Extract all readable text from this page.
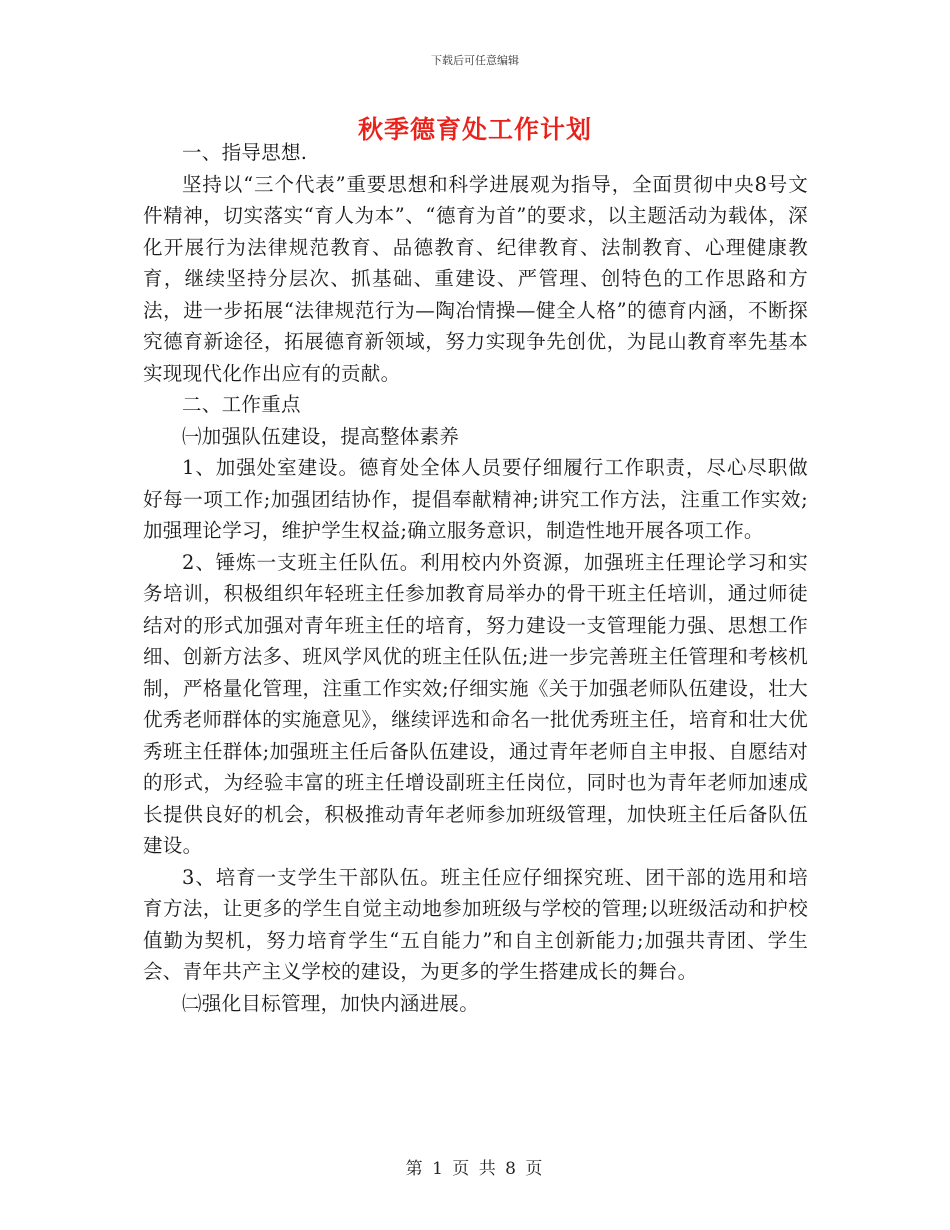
下载后可任意编辑
秋季德育处工作计划

一、指导思想.

坚持以“三个代表”重要思想和科学进展观为指导，全面贯彻中央8号文件精神，切实落实“育人为本”、“德育为首”的要求，以主题活动为载体，深化开展行为法律规范教育、品德教育、纪律教育、法制教育、心理健康教育，继续坚持分层次、抓基础、重建设、严管理、创特色的工作思路和方法，进一步拓展“法律规范行为—陶冶情操—健全人格”的德育内涵，不断探究德育新途径，拓展德育新领域，努力实现争先创优，为昆山教育率先基本实现现代化作出应有的贡献。

二、工作重点

㈠加强队伍建设，提高整体素养

1、加强处室建设。德育处全体人员要仔细履行工作职责，尽心尽职做好每一项工作;加强团结协作，提倡奉献精神;讲究工作方法，注重工作实效;加强理论学习，维护学生权益;确立服务意识，制造性地开展各项工作。

2、锤炼一支班主任队伍。利用校内外资源，加强班主任理论学习和实务培训，积极组织年轻班主任参加教育局举办的骨干班主任培训，通过师徒结对的形式加强对青年班主任的培育，努力建设一支管理能力强、思想工作细、创新方法多、班风学风优的班主任队伍;进一步完善班主任管理和考核机制，严格量化管理，注重工作实效;仔细实施《关于加强老师队伍建设，壮大优秀老师群体的实施意见》，继续评选和命名一批优秀班主任，培育和壮大优秀班主任群体;加强班主任后备队伍建设，通过青年老师自主申报、自愿结对的形式，为经验丰富的班主任增设副班主任岗位，同时也为青年老师加速成长提供良好的机会，积极推动青年老师参加班级管理，加快班主任后备队伍建设。

3、培育一支学生干部队伍。班主任应仔细探究班、团干部的选用和培育方法，让更多的学生自觉主动地参加班级与学校的管理;以班级活动和护校值勤为契机，努力培育学生“五自能力”和自主创新能力;加强共青团、学生会、青年共产主义学校的建设，为更多的学生搭建成长的舞台。

㈡强化目标管理，加快内涵进展。

第 1 页 共 8 页
